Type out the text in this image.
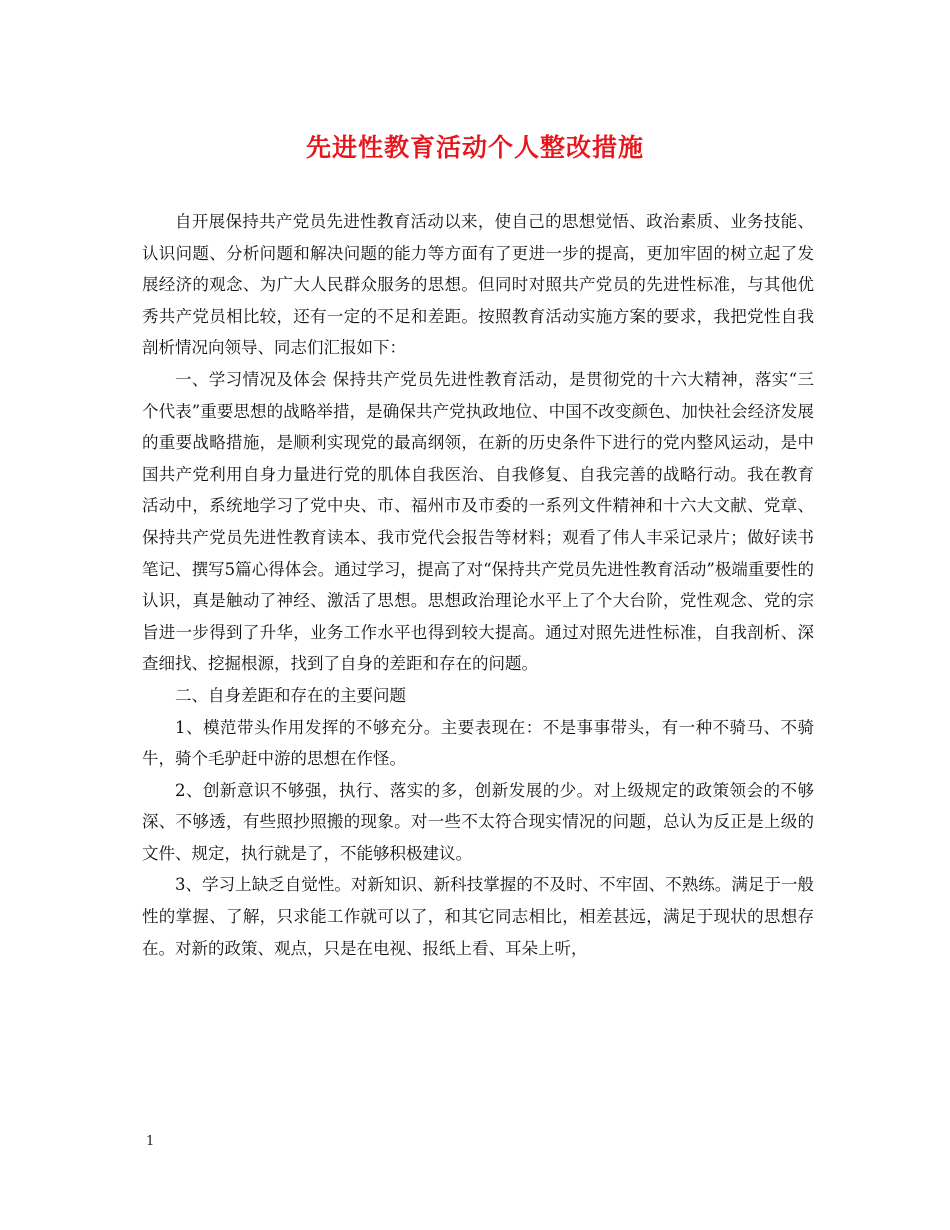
先进性教育活动个人整改措施

自开展保持共产党员先进性教育活动以来，使自己的思想觉悟、政治素质、业务技能、认识问题、分析问题和解决问题的能力等方面有了更进一步的提高，更加牢固的树立起了发展经济的观念、为广大人民群众服务的思想。但同时对照共产党员的先进性标准，与其他优秀共产党员相比较，还有一定的不足和差距。按照教育活动实施方案的要求，我把党性自我剖析情况向领导、同志们汇报如下：

一、学习情况及体会 保持共产党员先进性教育活动，是贯彻党的十六大精神，落实“三个代表”重要思想的战略举措，是确保共产党执政地位、中国不改变颜色、加快社会经济发展的重要战略措施，是顺利实现党的最高纲领，在新的历史条件下进行的党内整风运动，是中国共产党利用自身力量进行党的肌体自我医治、自我修复、自我完善的战略行动。我在教育活动中，系统地学习了党中央、市、福州市及市委的一系列文件精神和十六大文献、党章、保持共产党员先进性教育读本、我市党代会报告等材料；观看了伟人丰采记录片；做好读书笔记、撰写5篇心得体会。通过学习，提高了对“保持共产党员先进性教育活动”极端重要性的认识，真是触动了神经、激活了思想。思想政治理论水平上了个大台阶，党性观念、党的宗旨进一步得到了升华，业务工作水平也得到较大提高。通过对照先进性标准，自我剖析、深查细找、挖掘根源，找到了自身的差距和存在的问题。

二、自身差距和存在的主要问题

1、模范带头作用发挥的不够充分。主要表现在：不是事事带头，有一种不骑马、不骑牛，骑个毛驴赶中游的思想在作怪。

2、创新意识不够强，执行、落实的多，创新发展的少。对上级规定的政策领会的不够深、不够透，有些照抄照搬的现象。对一些不太符合现实情况的问题，总认为反正是上级的文件、规定，执行就是了，不能够积极建议。

3、学习上缺乏自觉性。对新知识、新科技掌握的不及时、不牢固、不熟练。满足于一般性的掌握、了解，只求能工作就可以了，和其它同志相比，相差甚远，满足于现状的思想存在。对新的政策、观点，只是在电视、报纸上看、耳朵上听，

1
